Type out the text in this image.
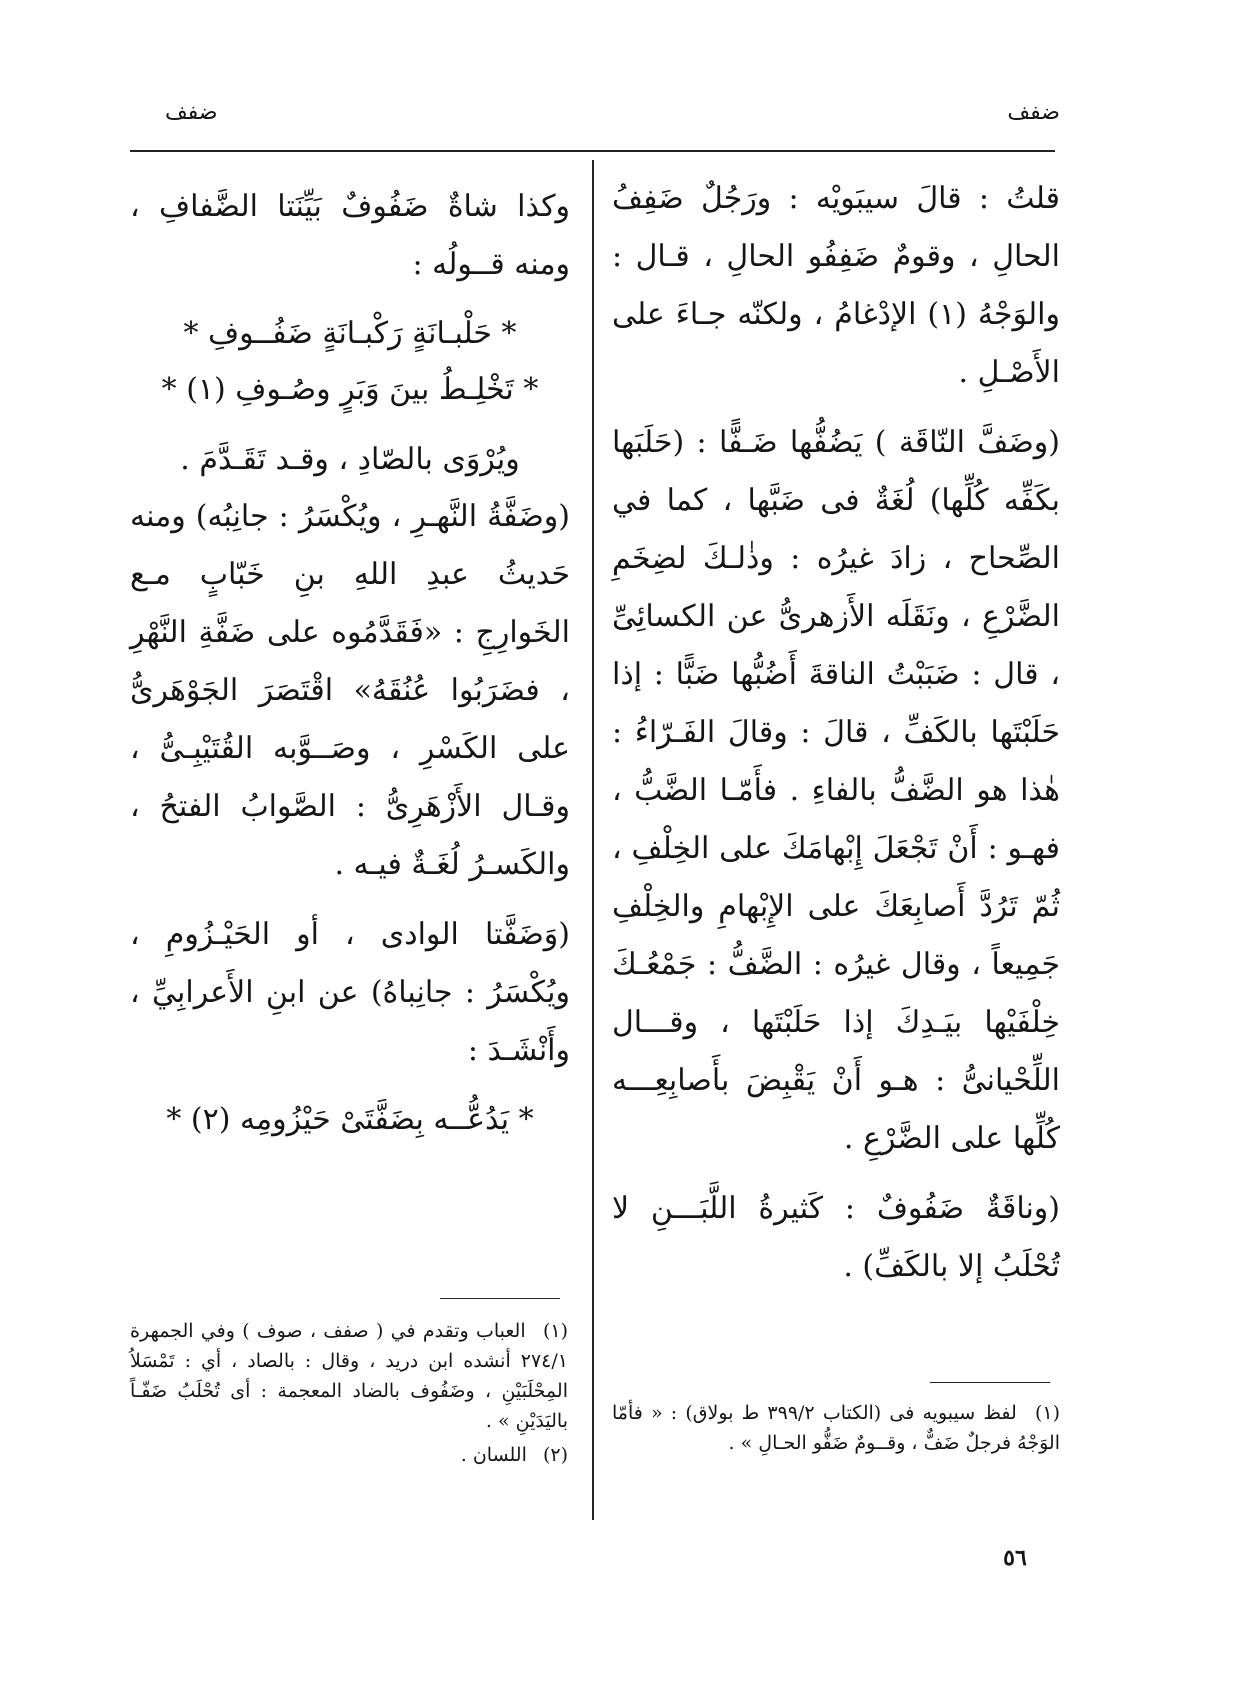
ضفف
ضفف

قلتُ : قالَ سيبَويْه : ورَجُلٌ ضَفِفُ الحالِ ، وقومٌ ضَفِفُو الحالِ ، قـال : والوَجْهُ (١) الإدْغامُ ، ولكنّه جـاءَ على الأَصْـلِ .

(وضَفَّ النّاقَة ) يَضُفُّها ضَـفًّا : (حَلَبَها بكَفِّه كُلِّها) لُغَةٌ فى ضَبَّها ، كما في الصِّحاح ، زادَ غيرُه : وذٰلـكَ لضِخَمِ الضَّرْعِ ، ونَقَلَه الأَزهرىُّ عن الكسائِىِّ ، قال : ضَبَبْتُ الناقةَ أَضُبُّها ضَبًّا : إذا حَلَبْتَها بالكَفِّ ، قالَ : وقالَ الفَـرّاءُ : هٰذا هو الضَّفُّ بالفاءِ . فأَمّـا الضَّبُّ ، فهـو : أَنْ تَجْعَلَ إِبْهامَكَ على الخِلْفِ ، ثُمّ تَرُدَّ أَصابِعَكَ على الإِبْهامِ والخِلْفِ جَمِيعاً ، وقال غيرُه : الضَّفُّ : جَمْعُـكَ خِلْفَيْها بيَـدِكَ إذا حَلَبْتَها ، وقـــال اللِّحْيانىُّ : هـو أَنْ يَقْبِضَ بأَصابِعِـــه كُلِّها على الضَّرْعِ .

(وناقَةٌ ضَفُوفٌ : كَثيرةُ اللَّبَـــنِ لا تُحْلَبُ إلا بالكَفِّ) .

وكذا شاةٌ ضَفُوفٌ بَيِّنَتا الضَّفافِ ، ومنه قــولُه :

* حَلْبـانَةٍ رَكْبـانَةٍ ضَفُــوفِ *

* تَخْلِـطُ بينَ وَبَرٍ وصُـوفِ (١) *

ويُرْوَى بالصّادِ ، وقـد تَقَـدَّمَ .

(وضَفَّةُ النَّهـرِ ، ويُكْسَرُ : جانِبُه) ومنه حَديثُ عبدِ اللهِ بنِ خَبّابٍ مـع الخَوارِجِ : «فَقَدَّمُوه على ضَفَّةِ النَّهْرِ ، فضَرَبُوا عُنُقَهُ» اقْتَصَرَ الجَوْهَرىُّ على الكَسْرِ ، وصَــوَّبه القُتَيْبِـىُّ ، وقـال الأَزْهَرِىُّ : الصَّوابُ الفتحُ ، والكَسـرُ لُغَـةٌ فيـه .

(وَضَفَّتا الوادى ، أو الحَيْـزُومِ ، ويُكْسَرُ : جانِباهُ) عن ابنِ الأَعرابِيِّ ، وأَنْشَـدَ :

* يَدُعُّــه بِضَفَّتَىْ حَيْزُومِه (٢) *

(١) لفظ سيبويه فى (الكتاب ٣٩٩/٢ ط بولاق) : « فأمّا الوَجْهُ فرجلٌ ضَفٌّ ، وقــومٌ ضَفُّو الحـالِ » .

(١) العباب وتقدم في ( صفف ، صوف ) وفي الجمهرة ٢٧٤/١ أنشده ابن دريد ، وقال : بالصاد ، أي : تَمْسَلاُ المِحْلَبَيْنِ ، وضَفُوف بالضاد المعجمة : أى تُحْلَبُ ضَفّـاً باليَدَيْنِ » .

(٢) اللسان .

٥٦
